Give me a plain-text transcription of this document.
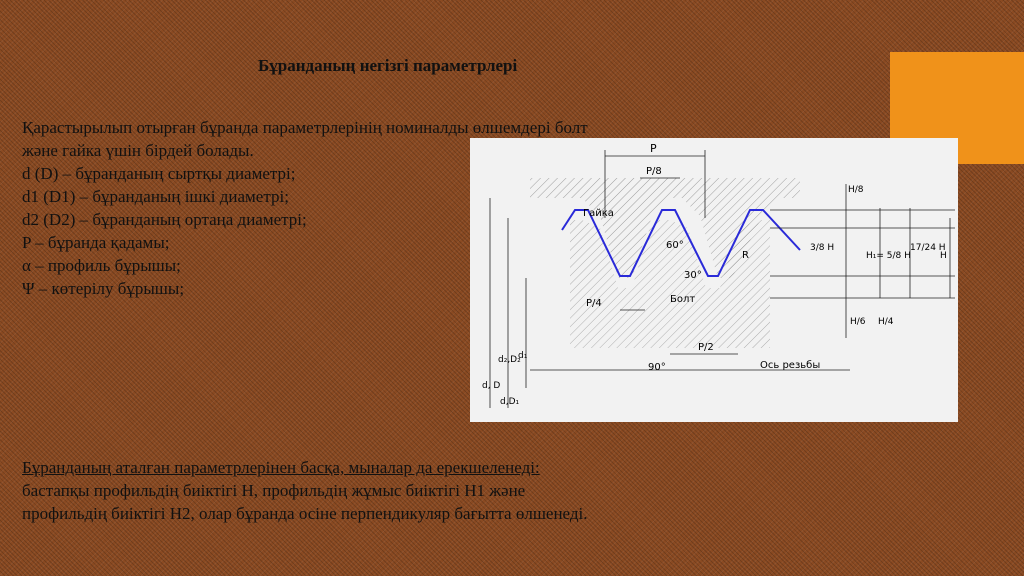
Бұранданың негізгі параметрлері
Қарастырылып отырған бұранда параметрлерінің номиналды өлшемдері болт
және гайка үшін бірдей болады.
d (D) – бұранданың сыртқы диаметрі;
d1 (D1) – бұранданың ішкі диаметрі;
d2 (D2) – бұранданың ортаңа диаметрі;
P – бұранда қадамы;
α – профиль бұрышы;
Ψ – көтерілу бұрышы;
P
P/8
Гайка
60°
R
30°
Болт
P/4
P/2
90°	Ось резьбы
H/8
3/8 H
H₁= 5/8 H
17/24 H
H
H/6 H/4
d, D
d₂,D₂
d₁
d,D₁
Бұранданың аталған параметрлерінен басқа, мыналар да ерекшеленеді:
бастапқы профильдің биіктігі H, профильдің жұмыс биіктігі H1 және
профильдің биіктігі H2, олар бұранда осіне перпендикуляр бағытта өлшенеді.
